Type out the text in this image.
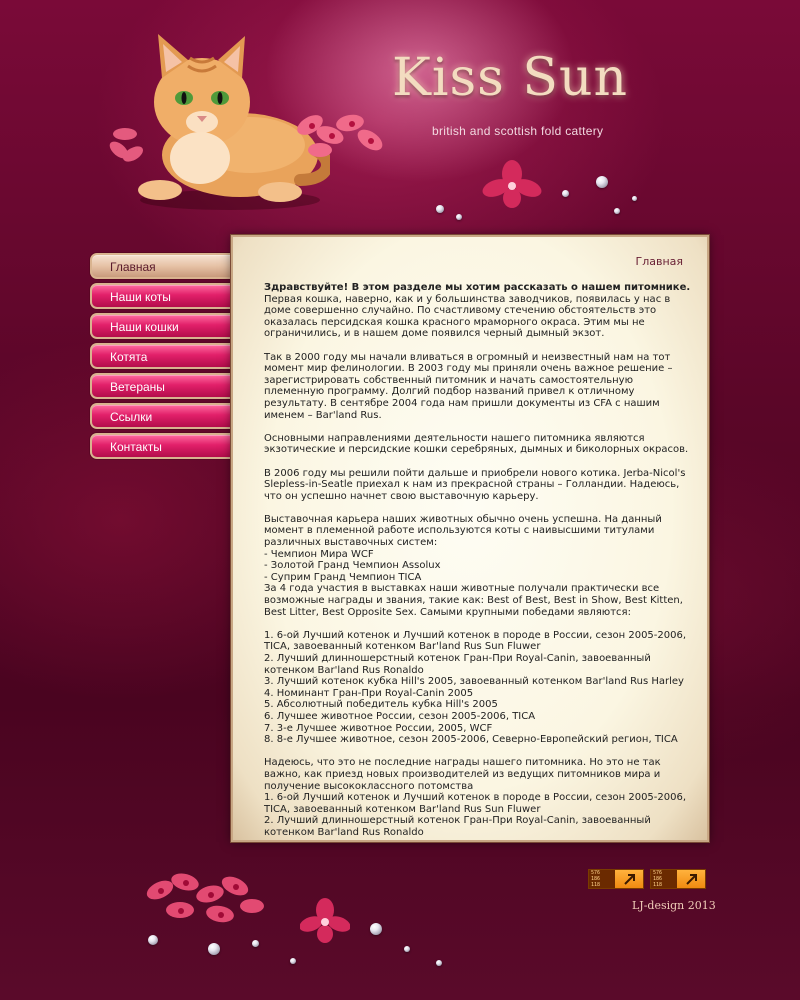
Kiss Sun
british and scottish fold cattery
Главная
Наши коты
Наши кошки
Котята
Ветераны
Ссылки
Контакты
Главная

Здравствуйте! В этом разделе мы хотим рассказать о нашем питомнике.
Первая кошка, наверно, как и у большинства заводчиков, появилась у нас в доме совершенно случайно. По счастливому стечению обстоятельств это оказалась персидская кошка красного мраморного окраса. Этим мы не ограничились, и в нашем доме появился черный дымный экзот.

Так в 2000 году мы начали вливаться в огромный и неизвестный нам на тот момент мир фелинологии. В 2003 году мы приняли очень важное решение – зарегистрировать собственный питомник и начать самостоятельную племенную программу. Долгий подбор названий привел к отличному результату. В сентябре 2004 года нам пришли документы из CFA с нашим именем – Bar'land Rus.

Основными направлениями деятельности нашего питомника являются экзотические и персидские кошки серебряных, дымных и биколорных окрасов.

В 2006 году мы решили пойти дальше и приобрели нового котика. Jerba-Nicol's Slepless-in-Seatle приехал к нам из прекрасной страны – Голландии. Надеюсь, что он успешно начнет свою выставочную карьеру.

Выставочная карьера наших животных обычно очень успешна. На данный момент в племенной работе используются коты с наивысшими титулами различных выставочных систем:
- Чемпион Мира WCF
- Золотой Гранд Чемпион Assolux
- Суприм Гранд Чемпион TICA
За 4 года участия в выставках наши животные получали практически все возможные награды и звания, такие как: Best of Best, Best in Show, Best Kitten, Best Litter, Best Opposite Sex. Самыми крупными победами являются:

1. 6-ой Лучший котенок и Лучший котенок в породе в России, сезон 2005-2006, TICA, завоеванный котенком Bar'land Rus Sun Fluwer
2. Лучший длинношерстный котенок Гран-При Royal-Canin, завоеванный котенком Bar'land Rus Ronaldo
3. Лучший котенок кубка Hill's 2005, завоеванный котенком Bar'land Rus Harley
4. Номинант Гран-При Royal-Canin 2005
5. Абсолютный победитель кубка Hill's 2005
6. Лучшее животное России, сезон 2005-2006, TICA
7. 3-е Лучшее животное России, 2005, WCF
8. 8-е Лучшее животное, сезон 2005-2006, Северно-Европейский регион, TICA

Надеюсь, что это не последние награды нашего питомника. Но это не так важно, как приезд новых производителей из ведущих питомников мира и получение высококлассного потомства
1. 6-ой Лучший котенок и Лучший котенок в породе в России, сезон 2005-2006, TICA, завоеванный котенком Bar'land Rus Sun Fluwer
2. Лучший длинношерстный котенок Гран-При Royal-Canin, завоеванный котенком Bar'land Rus Ronaldo

576
186
118
576
186
118
LJ-design 2013
